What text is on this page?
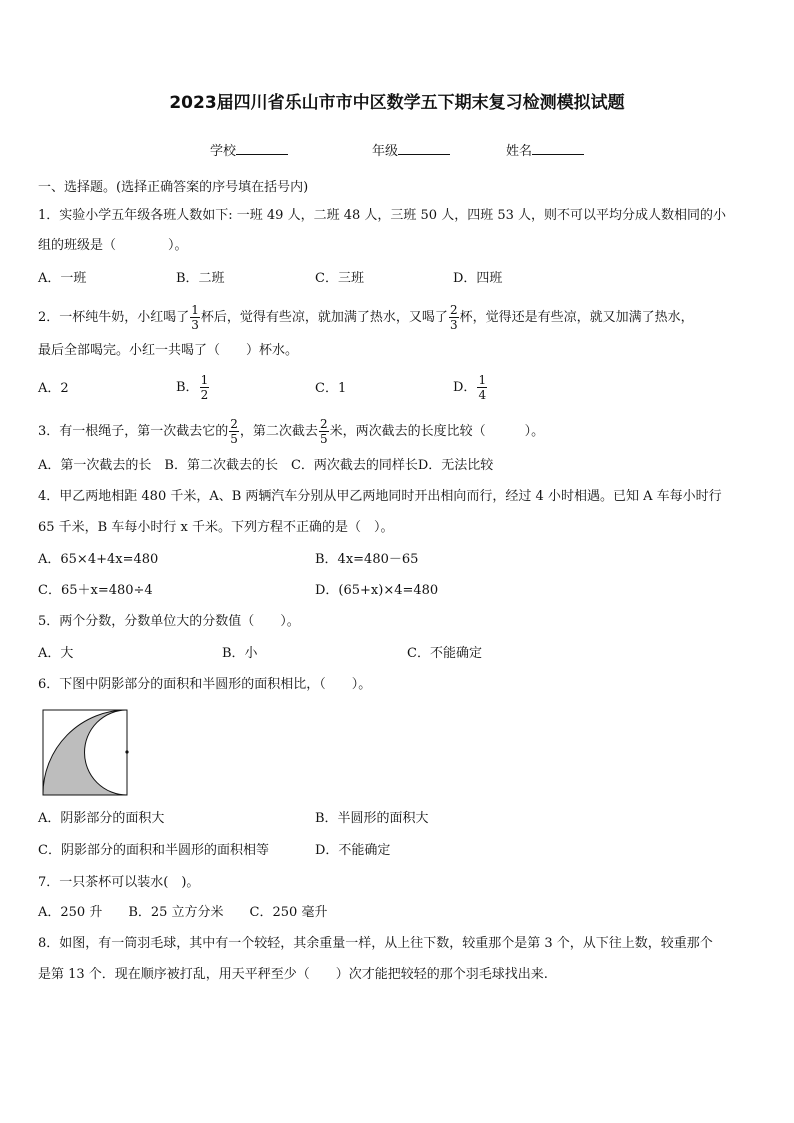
2023届四川省乐山市市中区数学五下期末复习检测模拟试题
学校	年级	姓名
一、选择题。(选择正确答案的序号填在括号内)
1．实验小学五年级各班人数如下: 一班 49 人，二班 48 人，三班 50 人，四班 53 人，则不可以平均分成人数相同的小
组的班级是（　　　　）。
A．一班	B．二班	C．三班	D．四班
2．一杯纯牛奶，小红喝了 $\frac{1}{3}$ 杯后，觉得有些凉，就加满了热水，又喝了 $\frac{2}{3}$ 杯，觉得还是有些凉，就又加满了热水，
最后全部喝完。小红一共喝了（　　）杯水。
A．2	B． $\frac{1}{2}$	C．1	D． $\frac{1}{4}$
3．有一根绳子，第一次截去它的 $\frac{2}{5}$ ，第二次截去 $\frac{2}{5}$ 米，两次截去的长度比较（　　　）。
A．第一次截去的长　B．第二次截去的长　C．两次截去的同样长D．无法比较
4．甲乙两地相距 480 千米，A、B 两辆汽车分别从甲乙两地同时开出相向而行，经过 4 小时相遇。已知 A 车每小时行
65 千米，B 车每小时行 x 千米。下列方程不正确的是（　）。
A．65×4+4x=480	B．4x=480－65
C．65＋x=480÷4	D．(65+x)×4=480
5．两个分数，分数单位大的分数值（　　）。
A．大	B．小	C．不能确定
6．下图中阴影部分的面积和半圆形的面积相比，（　　）。
A．阴影部分的面积大	B．半圆形的面积大
C．阴影部分的面积和半圆形的面积相等	D．不能确定
7．一只茶杯可以装水(　)。
A．250 升　　B．25 立方分米　　C．250 毫升
8．如图，有一筒羽毛球，其中有一个较轻，其余重量一样，从上往下数，较重那个是第 3 个，从下往上数，较重那个
是第 13 个．现在顺序被打乱，用天平秤至少（　　）次才能把较轻的那个羽毛球找出来.
